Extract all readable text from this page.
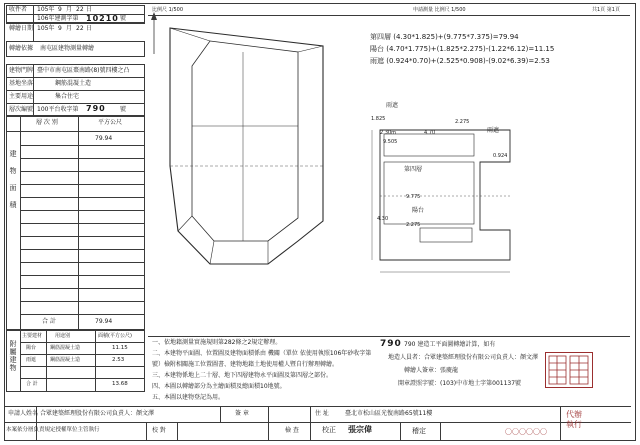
收件者 105年 9 月 22 日
106年建測字第 10210 號
轉繪日期 105年 9 月 22 日
轉繪依據 南屯區建物測量轉繪
建物門牌 臺中市南屯區棗南路(8)號四樓之凸
基地坐落	鋼筋混凝土造
主要用途	集合住宅
層次編號 100平台收字第 790 號
層 次 別	平方公尺
79.94
建 物 面 積
合 計	79.94
附屬建物
主要建材	用途別	面積(平方公尺)
陽台	鋼筋混凝土造	11.15
雨遮	鋼筋混凝土造	2.53
合 計	13.68
比例尺 1/500	申請測量 比例尺 1/500	共1頁 第1頁
第四層 (4.30*1.825)+(9.775*7.375)=79.94
陽台 (4.70*1.775)+(1.825*2.275)-(1.22*6.12)=11.15
雨遮 (0.924*0.70)+(2.525*0.908)-(9.02*6.39)=2.53
雨遮
雨遮
第四層
陽台
1.825
2.30m	4.70
2.275
0.924
9.775
4.30
9.505
2.275
一、依地籍測量實施規則第282條之2規定辦理。
二、本建物平面圖、位置圖及建物面積係由 機關（單位 依使用執照106年砂收字第
號）檢附相關施工位置圖書、建物地籍土地使用權人暨自行辦理轉繪。
三、本建物係地上二十層、地下四層建物永平面圖及第四層之部份。
四、本圖以轉繪部分為主繪面積及總面積10地號。
五、本圖以建物登記為用。
790 790 建造工平面圖轉繪計算，如有
地造人員者：合眾建築經理股份有限公司負責人：顏文澤
轉繪人簽章：張慶龍
開章證照字號：(103)中市地土字第001137號
申請人姓名 合眾建築經理股份有限公司負責人：顏文澤	簽 章	住 址	臺北市松山區光復南路65號11樓
本案依分層負責規定授權單位主管執行	校 對	檢 查	校正 張宗偉	稽定
代辦
執行
〇〇〇〇〇〇
